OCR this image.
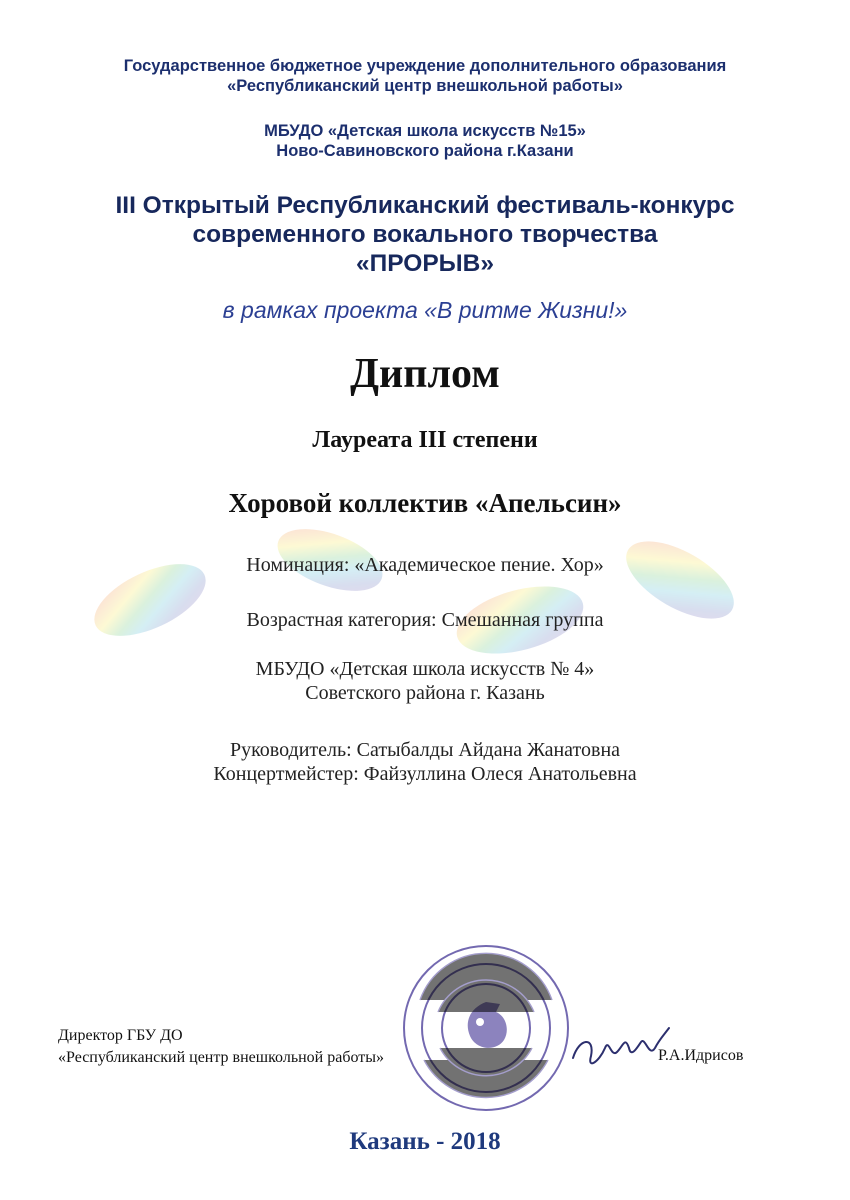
Государственное бюджетное учреждение дополнительного образования
«Республиканский центр внешкольной работы»
МБУДО «Детская школа искусств №15»
Ново-Савиновского района г.Казани
III Открытый Республиканский фестиваль-конкурс
современного вокального творчества
«ПРОРЫВ»
в рамках проекта «В ритме Жизни!»
Диплом
Лауреата III степени
Хоровой коллектив «Апельсин»
Номинация: «Академическое пение. Хор»
Возрастная категория: Смешанная группа
МБУДО «Детская школа искусств № 4»
Советского района г. Казань
Руководитель: Сатыбалды Айдана Жанатовна
Концертмейстер: Файзуллина Олеся Анатольевна
Директор ГБУ ДО
«Республиканский центр внешкольной работы»	Р.А.Идрисов
Казань - 2018
